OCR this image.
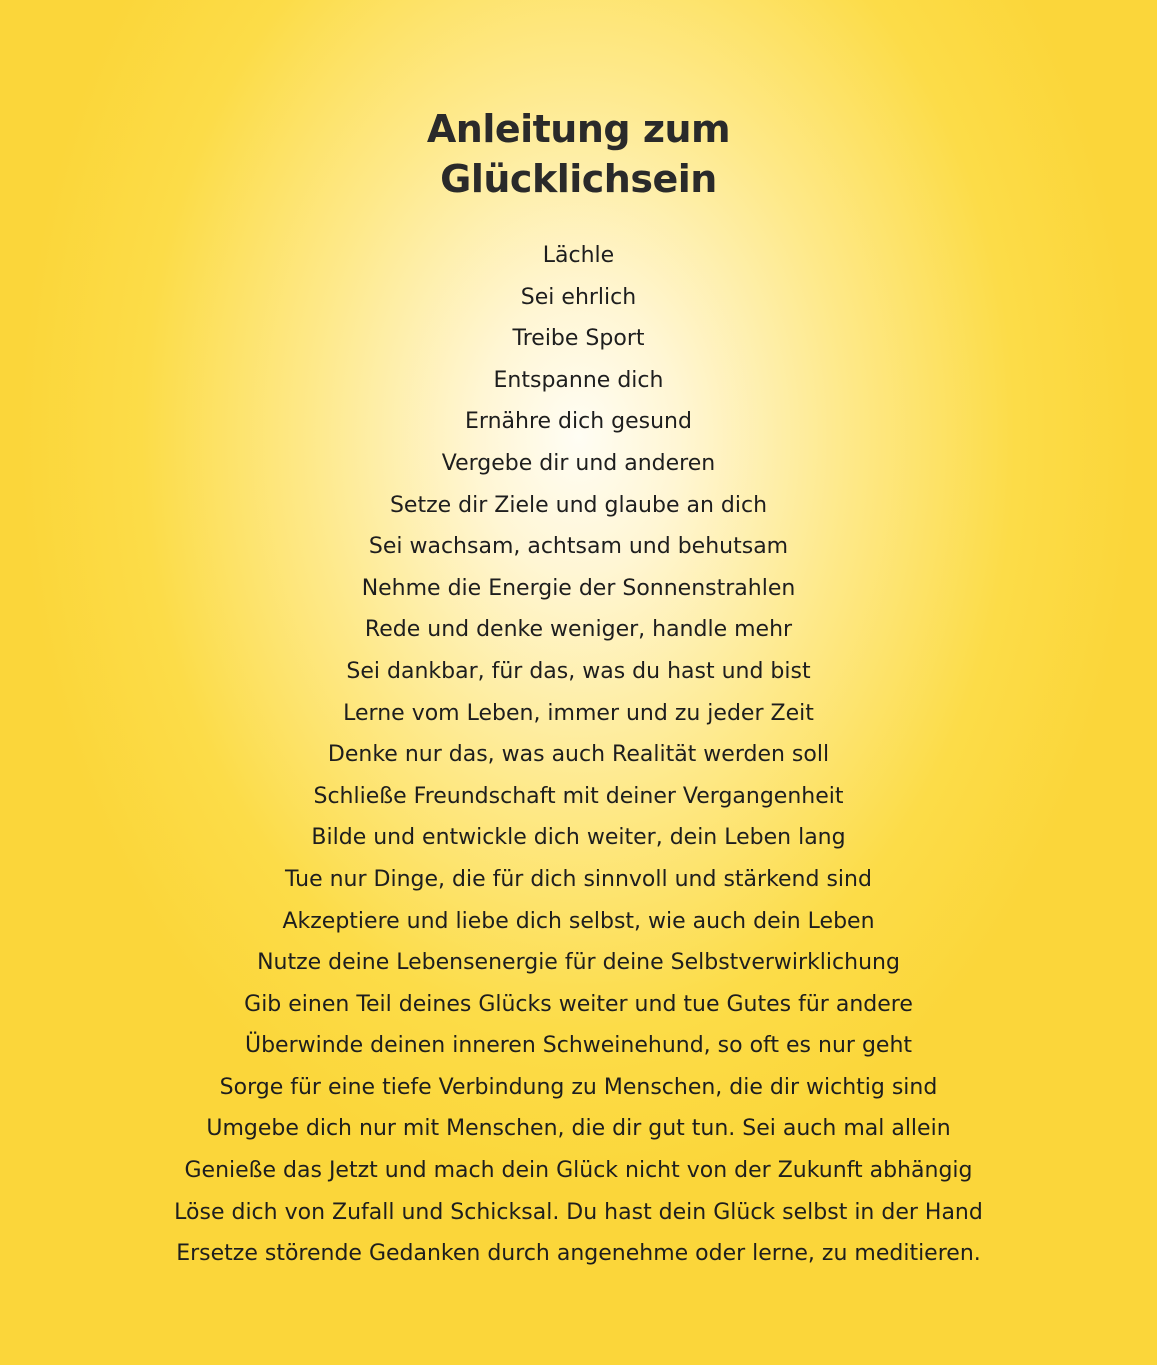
Anleitung zum
Glücklichsein
Lächle
Sei ehrlich
Treibe Sport
Entspanne dich
Ernähre dich gesund
Vergebe dir und anderen
Setze dir Ziele und glaube an dich
Sei wachsam, achtsam und behutsam
Nehme die Energie der Sonnenstrahlen
Rede und denke weniger, handle mehr
Sei dankbar, für das, was du hast und bist
Lerne vom Leben, immer und zu jeder Zeit
Denke nur das, was auch Realität werden soll
Schließe Freundschaft mit deiner Vergangenheit
Bilde und entwickle dich weiter, dein Leben lang
Tue nur Dinge, die für dich sinnvoll und stärkend sind
Akzeptiere und liebe dich selbst, wie auch dein Leben
Nutze deine Lebensenergie für deine Selbstverwirklichung
Gib einen Teil deines Glücks weiter und tue Gutes für andere
Überwinde deinen inneren Schweinehund, so oft es nur geht
Sorge für eine tiefe Verbindung zu Menschen, die dir wichtig sind
Umgebe dich nur mit Menschen, die dir gut tun. Sei auch mal allein
Genieße das Jetzt und mach dein Glück nicht von der Zukunft abhängig
Löse dich von Zufall und Schicksal. Du hast dein Glück selbst in der Hand
Ersetze störende Gedanken durch angenehme oder lerne, zu meditieren.
